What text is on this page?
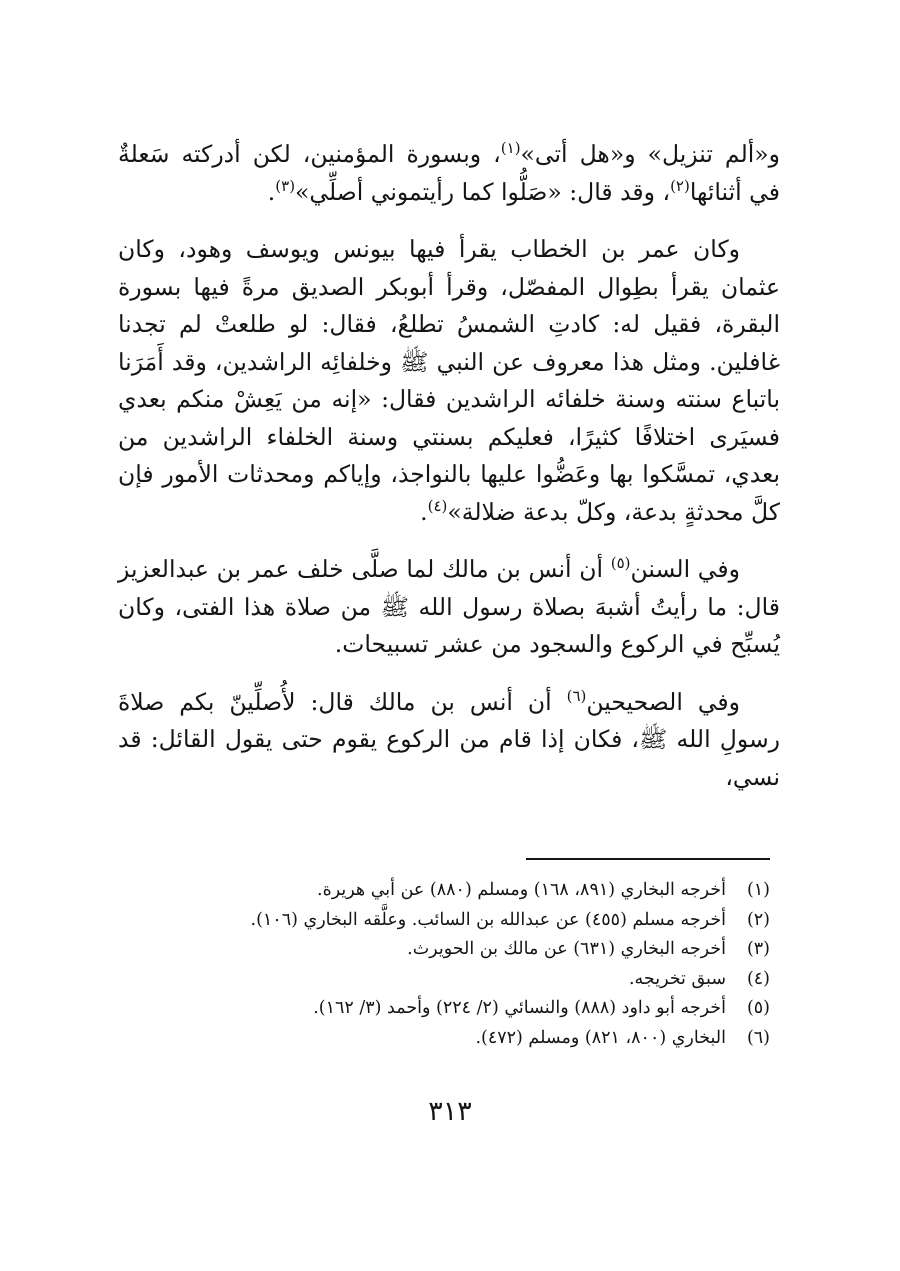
و«ألم تنزيل» و«هل أتى»$^{(١)}$، وبسورة المؤمنين، لكن أدركته سَعلةٌ في أثنائها$^{(٢)}$، وقد قال: «صَلُّوا كما رأيتموني أصلِّي»$^{(٣)}$.

وكان عمر بن الخطاب يقرأ فيها بيونس ويوسف وهود، وكان عثمان يقرأ بطِوال المفصّل، وقرأ أبوبكر الصديق مرةً فيها بسورة البقرة، فقيل له: كادتِ الشمسُ تطلعُ، فقال: لو طلعتْ لم تجدنا غافلين. ومثل هذا معروف عن النبي ﷺ وخلفائِه الراشدين، وقد أَمَرَنا باتباع سنته وسنة خلفائه الراشدين فقال: «إنه من يَعِشْ منكم بعدي فسيَرى اختلافًا كثيرًا، فعليكم بسنتي وسنة الخلفاء الراشدين من بعدي، تمسَّكوا بها وعَضُّوا عليها بالنواجذ، وإياكم ومحدثات الأمور فإن كلَّ محدثةٍ بدعة، وكلّ بدعة ضلالة»$^{(٤)}$.

وفي السنن$^{(٥)}$ أن أنس بن مالك لما صلَّى خلف عمر بن عبدالعزيز قال: ما رأيتُ أشبهَ بصلاة رسول الله ﷺ من صلاة هذا الفتى، وكان يُسبِّح في الركوع والسجود من عشر تسبيحات.

وفي الصحيحين$^{(٦)}$ أن أنس بن مالك قال: لأُصلِّينّ بكم صلاةَ رسولِ الله ﷺ، فكان إذا قام من الركوع يقوم حتى يقول القائل: قد نسي،

(١)أخرجه البخاري (٨٩١، ١٦٨) ومسلم (٨٨٠) عن أبي هريرة.
(٢)أخرجه مسلم (٤٥٥) عن عبدالله بن السائب. وعلَّقه البخاري (١٠٦).
(٣)أخرجه البخاري (٦٣١) عن مالك بن الحويرث.
(٤)سبق تخريجه.
(٥)أخرجه أبو داود (٨٨٨) والنسائي (٢/ ٢٢٤) وأحمد (٣/ ١٦٢).
(٦)البخاري (٨٠٠، ٨٢١) ومسلم (٤٧٢).
٣١٣
